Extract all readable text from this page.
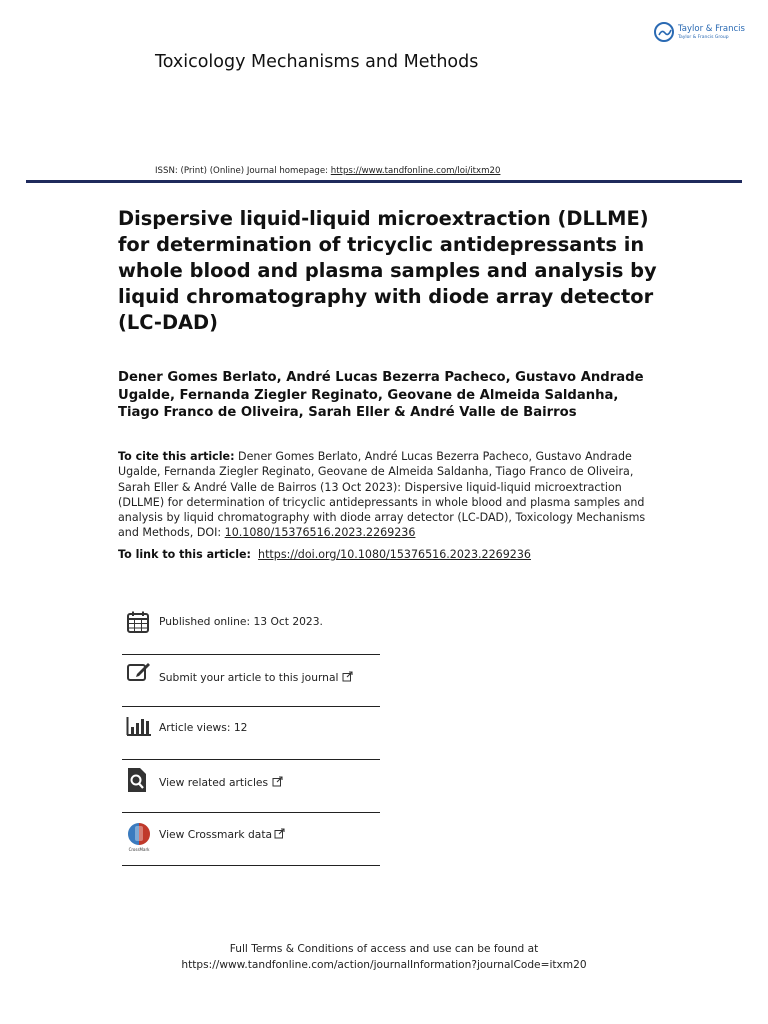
Taylor & Francis
Taylor & Francis Group
Toxicology Mechanisms and Methods
ISSN: (Print) (Online) Journal homepage: https://www.tandfonline.com/loi/itxm20
Dispersive liquid-liquid microextraction (DLLME) for determination of tricyclic antidepressants in whole blood and plasma samples and analysis by liquid chromatography with diode array detector (LC-DAD)

Dener Gomes Berlato, André Lucas Bezerra Pacheco, Gustavo Andrade Ugalde, Fernanda Ziegler Reginato, Geovane de Almeida Saldanha, Tiago Franco de Oliveira, Sarah Eller & André Valle de Bairros

To cite this article: Dener Gomes Berlato, André Lucas Bezerra Pacheco, Gustavo Andrade Ugalde, Fernanda Ziegler Reginato, Geovane de Almeida Saldanha, Tiago Franco de Oliveira, Sarah Eller & André Valle de Bairros (13 Oct 2023): Dispersive liquid-liquid microextraction (DLLME) for determination of tricyclic antidepressants in whole blood and plasma samples and analysis by liquid chromatography with diode array detector (LC-DAD), Toxicology Mechanisms and Methods, DOI: 10.1080/15376516.2023.2269236

To link to this article: https://doi.org/10.1080/15376516.2023.2269236
Published online: 13 Oct 2023.
Submit your article to this journal
Article views: 12
View related articles
CrossMark
View Crossmark data
Full Terms & Conditions of access and use can be found at
https://www.tandfonline.com/action/journalInformation?journalCode=itxm20
